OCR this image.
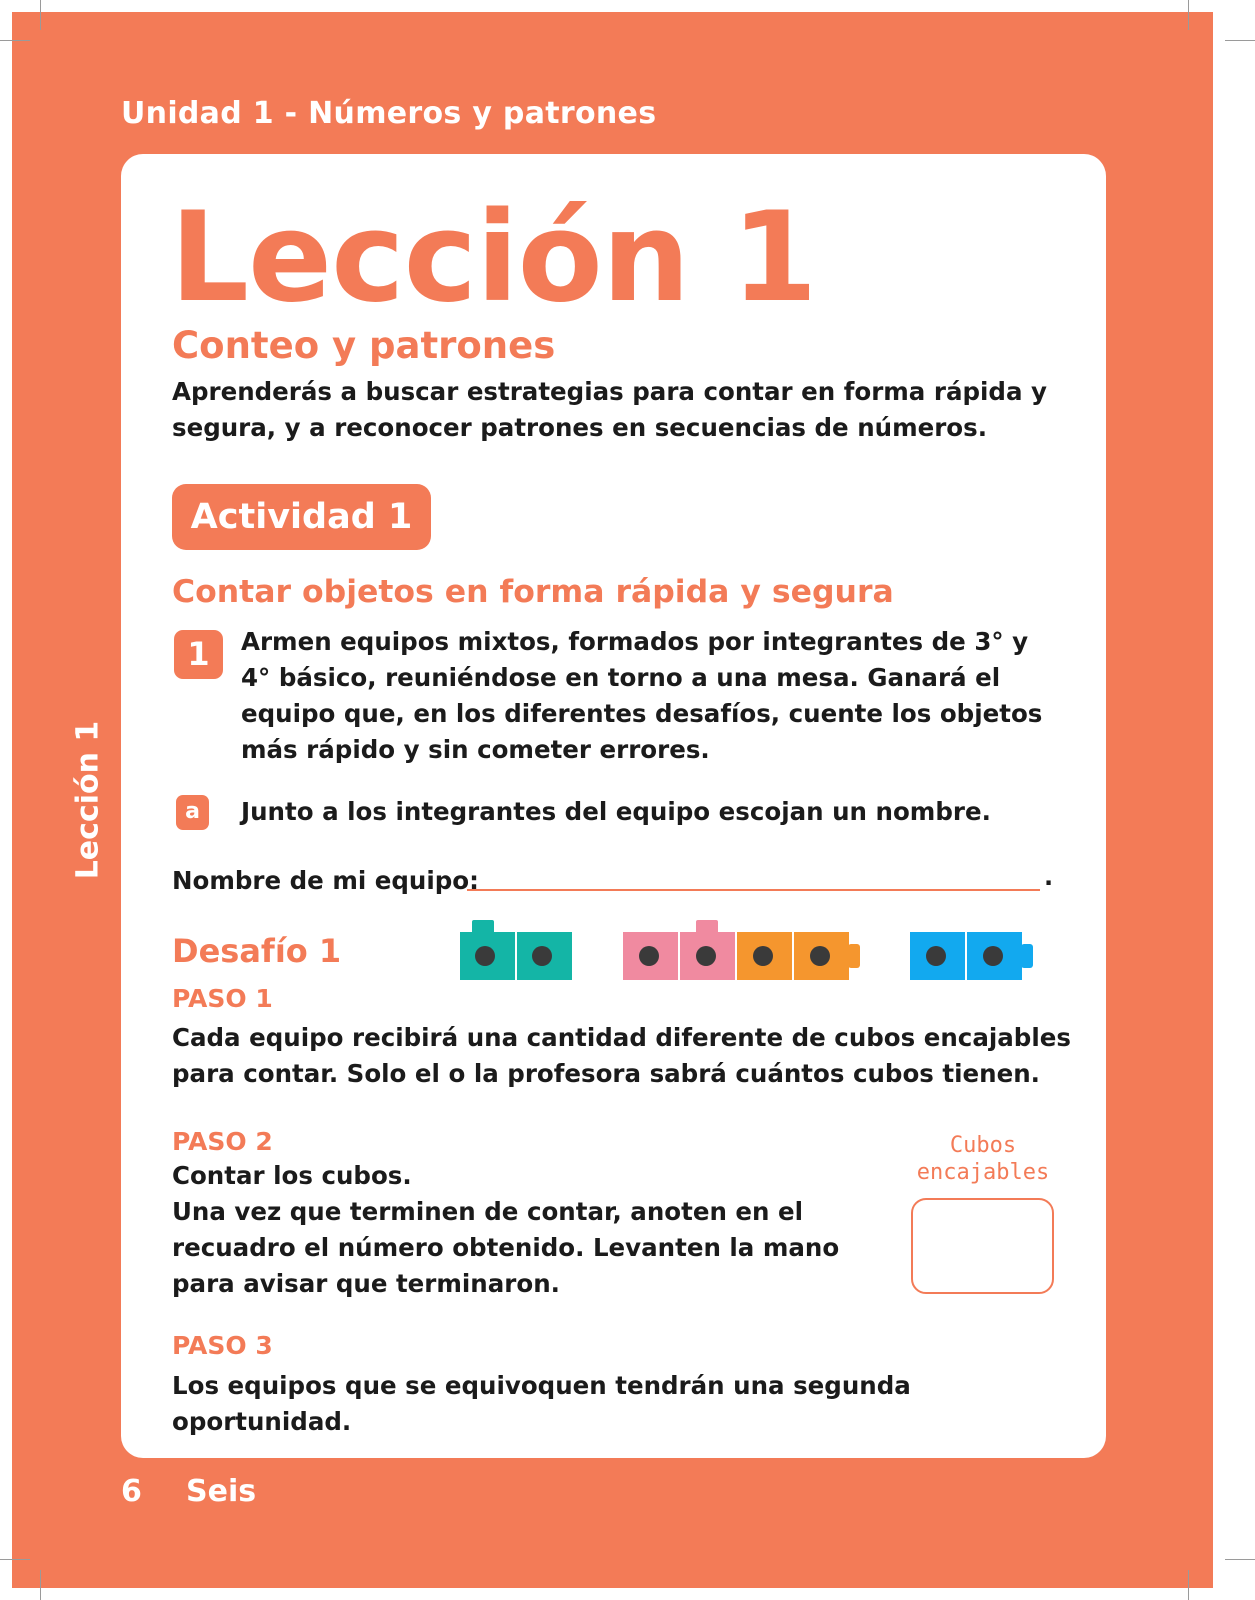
Unidad 1 - Números y patrones
Lección 1
Lección 1
Conteo y patrones
Aprenderás a buscar estrategias para contar en forma rápida y segura, y a reconocer patrones en secuencias de números.
Actividad 1
Contar objetos en forma rápida y segura
1	Armen equipos mixtos, formados por integrantes de 3° y 4° básico, reuniéndose en torno a una mesa. Ganará el equipo que, en los diferentes desafíos, cuente los objetos más rápido y sin cometer errores.
a	Junto a los integrantes del equipo escojan un nombre.
Nombre de mi equipo:	.
Desafío 1
PASO 1
Cada equipo recibirá una cantidad diferente de cubos encajables para contar. Solo el o la profesora sabrá cuántos cubos tienen.
PASO 2
Contar los cubos.
Una vez que terminen de contar, anoten en el recuadro el número obtenido. Levanten la mano para avisar que terminaron.
Cubos encajables
PASO 3
Los equipos que se equivoquen tendrán una segunda oportunidad.
6 Seis
